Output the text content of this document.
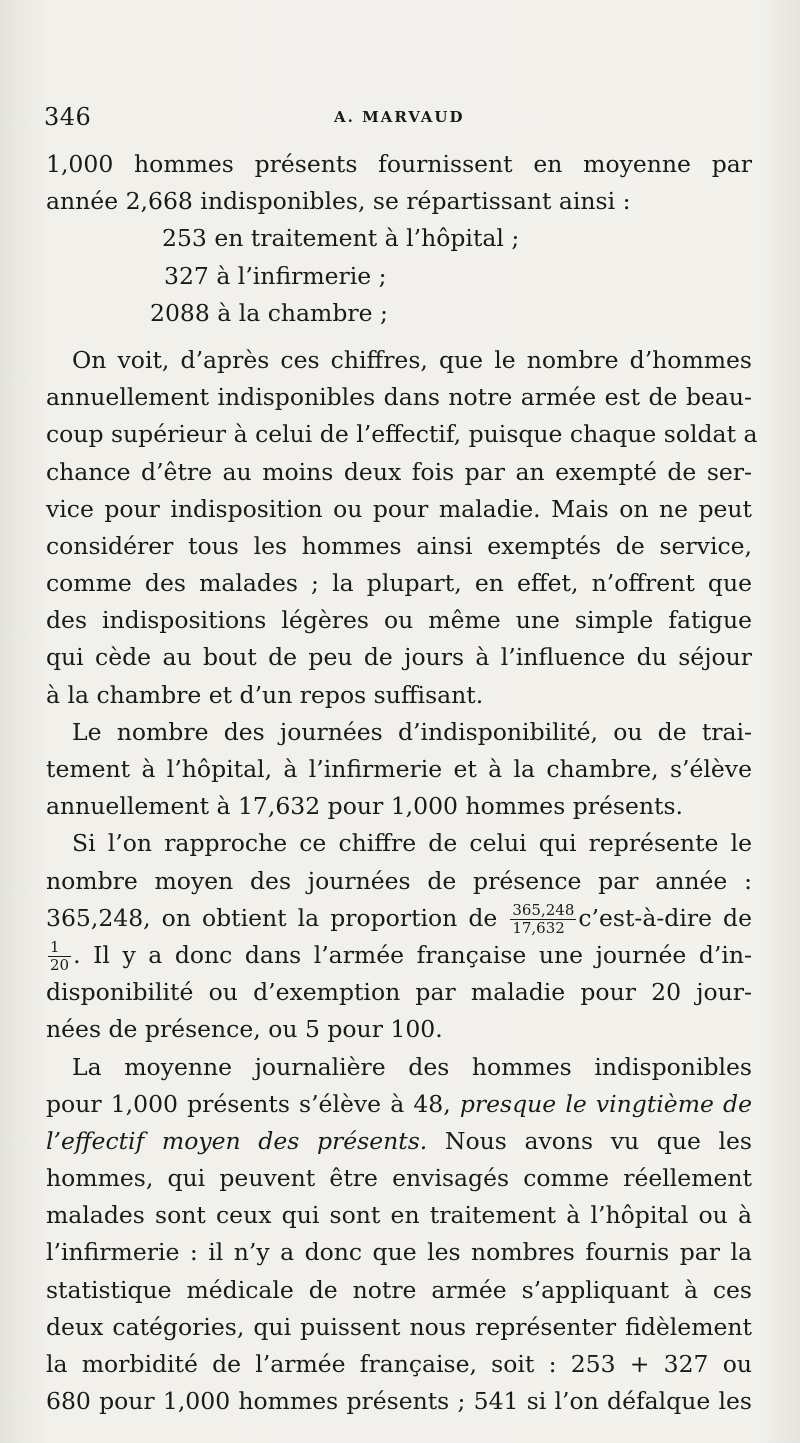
346	A. MARVAUD
1,000 hommes présents fournissent en moyenne par
année 2,668 indisponibles, se répartissant ainsi :
253 en traitement à l’hôpital ;
327 à l’infirmerie ;
2088 à la chambre ;
On voit, d’après ces chiffres, que le nombre d’hommes
annuellement indisponibles dans notre armée est de beau-
coup supérieur à celui de l’effectif, puisque chaque soldat a
chance d’être au moins deux fois par an exempté de ser-
vice pour indisposition ou pour maladie. Mais on ne peut
considérer tous les hommes ainsi exemptés de service,
comme des malades ; la plupart, en effet, n’offrent que
des indispositions légères ou même une simple fatigue
qui cède au bout de peu de jours à l’influence du séjour
à la chambre et d’un repos suffisant.
Le nombre des journées d’indisponibilité, ou de trai-
tement à l’hôpital, à l’infirmerie et à la chambre, s’élève
annuellement à 17,632 pour 1,000 hommes présents.
Si l’on rapproche ce chiffre de celui qui représente le
nombre moyen des journées de présence par année :
365,248, on obtient la proportion de $\frac{365,248}{17,632}$ c’est-à-dire de
$\frac{1}{20}$ . Il y a donc dans l’armée française une journée d’in-
disponibilité ou d’exemption par maladie pour 20 jour-
nées de présence, ou 5 pour 100.
La moyenne journalière des hommes indisponibles
pour 1,000 présents s’élève à 48, presque le vingtième de
l’effectif moyen des présents. Nous avons vu que les
hommes, qui peuvent être envisagés comme réellement
malades sont ceux qui sont en traitement à l’hôpital ou à
l’infirmerie : il n’y a donc que les nombres fournis par la
statistique médicale de notre armée s’appliquant à ces
deux catégories, qui puissent nous représenter fidèlement
la morbidité de l’armée française, soit : 253 + 327 ou
680 pour 1,000 hommes présents ; 541 si l’on défalque les
